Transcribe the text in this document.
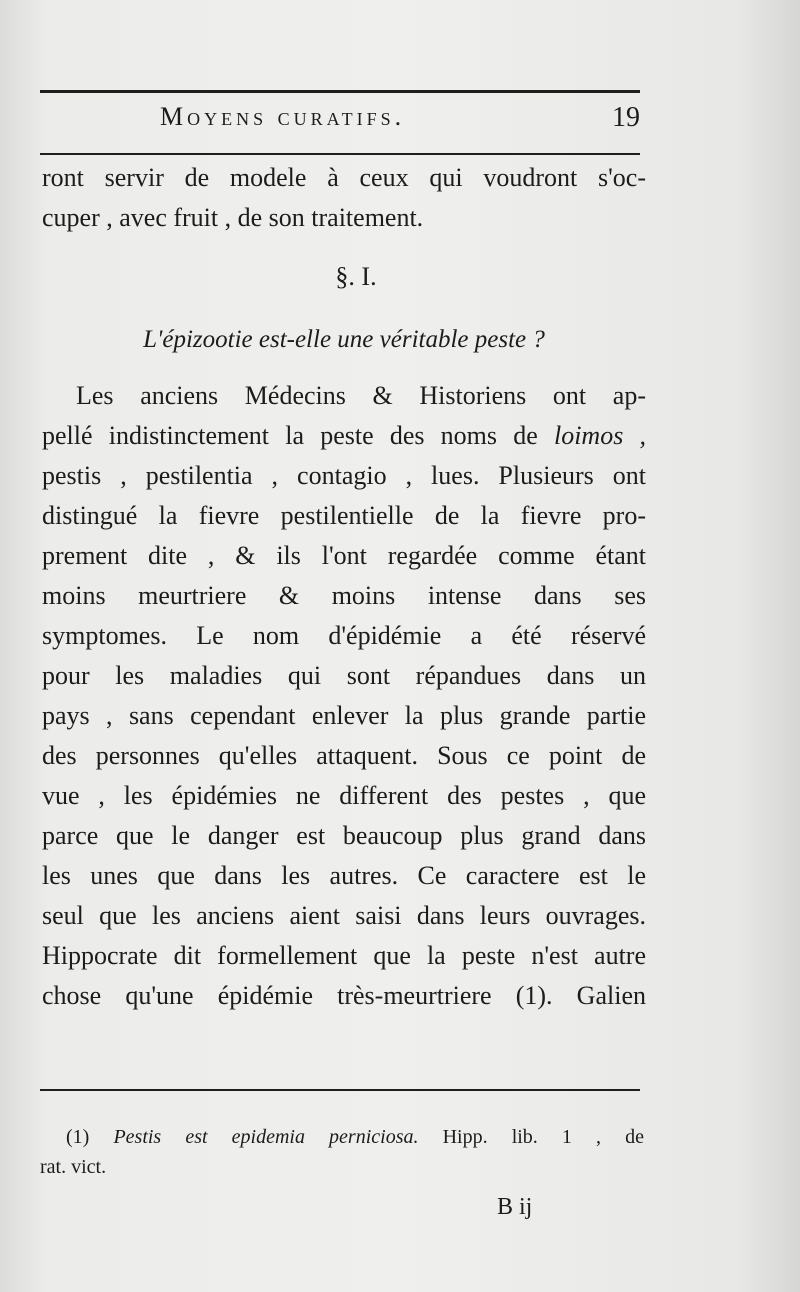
Moyens curatifs.	19
ront servir de modele à ceux qui voudront s'oc-
cuper , avec fruit , de son traitement.
§. I.
L'épizootie est-elle une véritable peste ?
Les anciens Médecins & Historiens ont ap-
pellé indistinctement la peste des noms de loimos ,
pestis , pestilentia , contagio , lues. Plusieurs ont
distingué la fievre pestilentielle de la fievre pro-
prement dite , & ils l'ont regardée comme étant
moins meurtriere & moins intense dans ses
symptomes. Le nom d'épidémie a été réservé
pour les maladies qui sont répandues dans un
pays , sans cependant enlever la plus grande partie
des personnes qu'elles attaquent. Sous ce point de
vue , les épidémies ne different des pestes , que
parce que le danger est beaucoup plus grand dans
les unes que dans les autres. Ce caractere est le
seul que les anciens aient saisi dans leurs ouvrages.
Hippocrate dit formellement que la peste n'est autre
chose qu'une épidémie très-meurtriere (1). Galien
(1) Pestis est epidemia perniciosa. Hipp. lib. 1 , de
rat. vict.
B ij
